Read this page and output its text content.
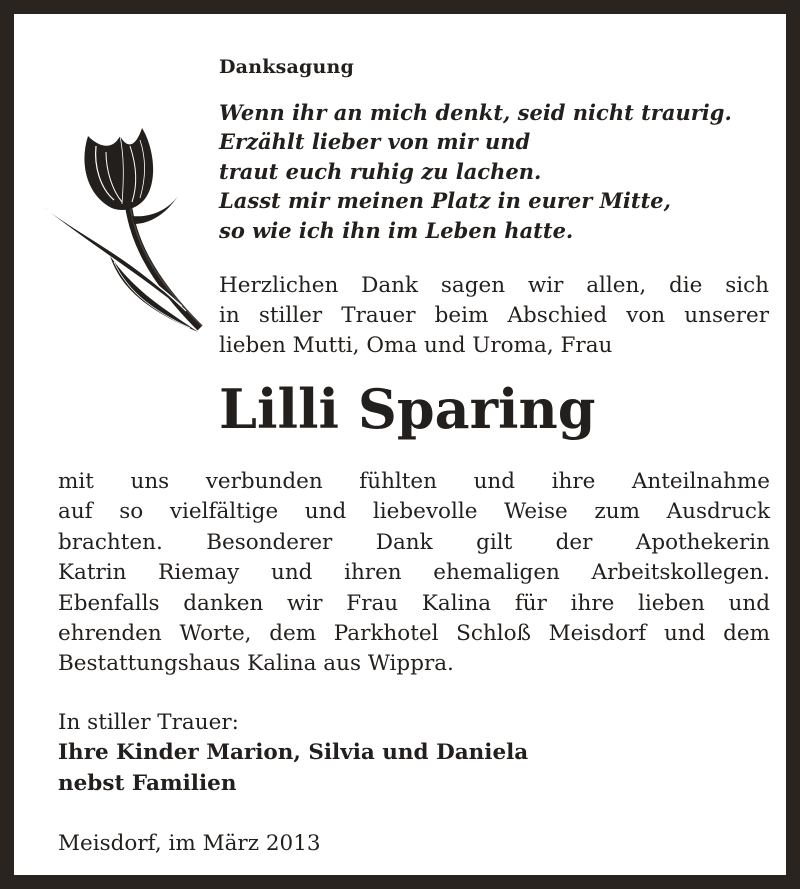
Danksagung
Wenn ihr an mich denkt, seid nicht traurig.
Erzählt lieber von mir und
traut euch ruhig zu lachen.
Lasst mir meinen Platz in eurer Mitte,
so wie ich ihn im Leben hatte.
Herzlichen Dank sagen wir allen, die sich
in stiller Trauer beim Abschied von unserer
lieben Mutti, Oma und Uroma, Frau
Lilli Sparing
mit uns verbunden fühlten und ihre Anteilnahme
auf so vielfältige und liebevolle Weise zum Ausdruck
brachten. Besonderer Dank gilt der Apothekerin
Katrin Riemay und ihren ehemaligen Arbeitskollegen.
Ebenfalls danken wir Frau Kalina für ihre lieben und
ehrenden Worte, dem Parkhotel Schloß Meisdorf und dem
Bestattungshaus Kalina aus Wippra.
In stiller Trauer:
Ihre Kinder Marion, Silvia und Daniela
nebst Familien
Meisdorf, im März 2013
